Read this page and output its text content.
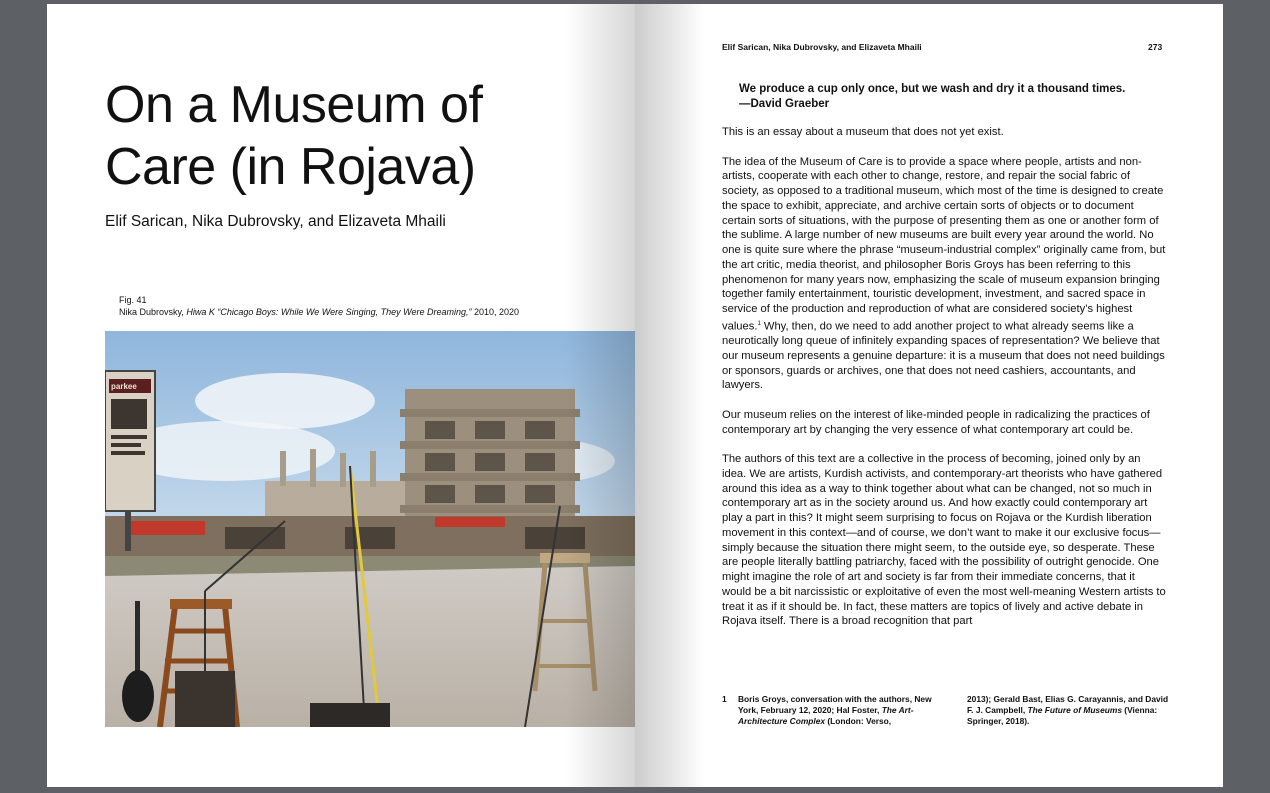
On a Museum of
Care (in Rojava)

Elif Sarican, Nika Dubrovsky, and Elizaveta Mhaili

Fig. 41
Nika Dubrovsky, Hiwa K “Chicago Boys: While We Were Singing, They Were Dreaming,” 2010, 2020
parkee
Elif Sarican, Nika Dubrovsky, and Elizaveta Mhaili	273
We produce a cup only once, but we wash and dry it a thousand times.
—David Graeber

This is an essay about a museum that does not yet exist.

The idea of the Museum of Care is to provide a space where people, artists and non-artists, cooperate with each other to change, restore, and repair the social fabric of society, as opposed to a traditional museum, which most of the time is designed to create the space to exhibit, appreciate, and archive certain sorts of objects or to document certain sorts of situations, with the purpose of presenting them as one or another form of the sublime. A large number of new museums are built every year around the world. No one is quite sure where the phrase “museum-industrial complex” originally came from, but the art critic, media theorist, and philosopher Boris Groys has been referring to this phenomenon for many years now, emphasizing the scale of museum expansion bringing together family entertainment, touristic development, investment, and sacred space in service of the production and reproduction of what are considered society’s highest values.$^1$ Why, then, do we need to add another project to what already seems like a neurotically long queue of infinitely expanding spaces of representation? We believe that our museum represents a genuine departure: it is a museum that does not need buildings or sponsors, guards or archives, one that does not need cashiers, accountants, and lawyers.

Our museum relies on the interest of like-minded people in radicalizing the practices of contemporary art by changing the very essence of what contemporary art could be.

The authors of this text are a collective in the process of becoming, joined only by an idea. We are artists, Kurdish activists, and contemporary-art theorists who have gathered around this idea as a way to think together about what can be changed, not so much in contemporary art as in the society around us. And how exactly could contemporary art play a part in this? It might seem surprising to focus on Rojava or the Kurdish liberation movement in this context—and of course, we don’t want to make it our exclusive focus—simply because the situation there might seem, to the outside eye, so desperate. These are people literally battling patriarchy, faced with the possibility of outright genocide. One might imagine the role of art and society is far from their immediate concerns, that it would be a bit narcissistic or exploitative of even the most well-meaning Western artists to treat it as if it should be. In fact, these matters are topics of lively and active debate in Rojava itself. There is a broad recognition that part

1 Boris Groys, conversation with the authors, New York, February 12, 2020; Hal Foster, The Art-Architecture Complex (London: Verso,
2013); Gerald Bast, Elias G. Carayannis, and David F. J. Campbell, The Future of Museums (Vienna: Springer, 2018).
